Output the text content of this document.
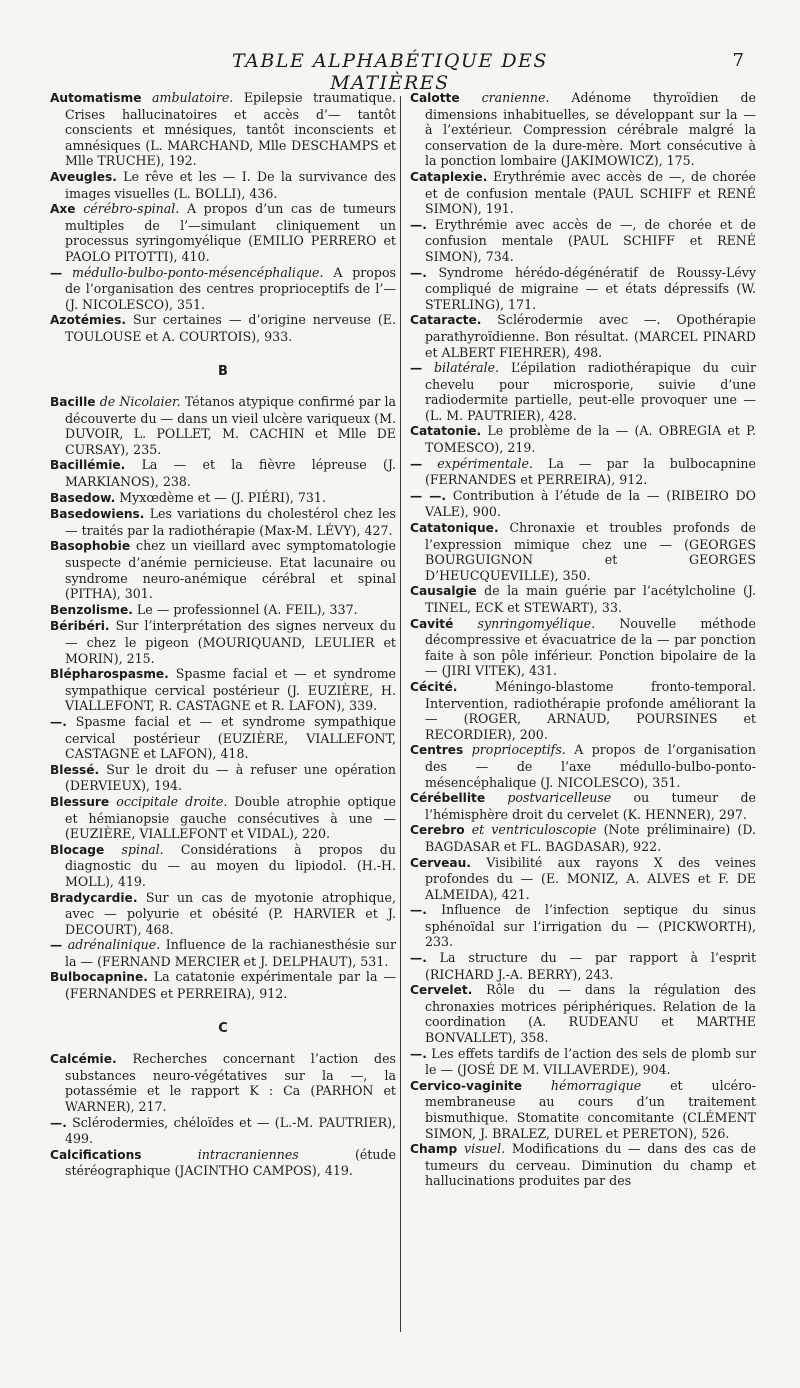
TABLE ALPHABÉTIQUE DES MATIÈRES
7
Automatisme ambulatoire. Epilepsie traumatique. Crises hallucinatoires et accès d’— tantôt conscients et mnésiques, tantôt inconscients et amnésiques (L. MARCHAND, Mlle DESCHAMPS et Mlle TRUCHE), 192.
Aveugles. Le rêve et les — I. De la survivance des images visuelles (L. BOLLI), 436.
Axe cérébro-spinal. A propos d’un cas de tumeurs multiples de l’—simulant cliniquement un processus syringomyélique (EMILIO PERRERO et PAOLO PITOTTI), 410.
— médullo-bulbo-ponto-mésencéphalique. A propos de l’organisation des centres proprioceptifs de l’— (J. NICOLESCO), 351.
Azotémies. Sur certaines — d’origine nerveuse (E. TOULOUSE et A. COURTOIS), 933.
B
Bacille de Nicolaier. Tétanos atypique confirmé par la découverte du — dans un vieil ulcère variqueux (M. DUVOIR, L. POLLET, M. CACHIN et Mlle DE CURSAY), 235.
Bacillémie. La — et la fièvre lépreuse (J. MARKIANOS), 238.
Basedow. Myxœdème et — (J. PIÉRI), 731.
Basedowiens. Les variations du cholestérol chez les — traités par la radiothérapie (Max-M. LÉVY), 427.
Basophobie chez un vieillard avec symptomatologie suspecte d’anémie pernicieuse. Etat lacunaire ou syndrome neuro-anémique cérébral et spinal (PITHA), 301.
Benzolisme. Le — professionnel (A. FEIL), 337.
Béribéri. Sur l’interprétation des signes nerveux du — chez le pigeon (MOURIQUAND, LEULIER et MORIN), 215.
Blépharospasme. Spasme facial et — et syndrome sympathique cervical postérieur (J. EUZIÈRE, H. VIALLEFONT, R. CASTAGNE et R. LAFON), 339.
—. Spasme facial et — et syndrome sympathique cervical postérieur (EUZIÈRE, VIALLEFONT, CASTAGNE et LAFON), 418.
Blessé. Sur le droit du — à refuser une opération (DERVIEUX), 194.
Blessure occipitale droite. Double atrophie optique et hémianopsie gauche consécutives à une — (EUZIÈRE, VIALLEFONT et VIDAL), 220.
Blocage spinal. Considérations à propos du diagnostic du — au moyen du lipiodol. (H.-H. MOLL), 419.
Bradycardie. Sur un cas de myotonie atrophique, avec — polyurie et obésité (P. HARVIER et J. DECOURT), 468.
— adrénalinique. Influence de la rachianesthésie sur la — (FERNAND MERCIER et J. DELPHAUT), 531.
Bulbocapnine. La catatonie expérimentale par la — (FERNANDES et PERREIRA), 912.
C
Calcémie. Recherches concernant l’action des substances neuro-végétatives sur la —, la potassémie et le rapport K : Ca (PARHON et WARNER), 217.
—. Sclérodermies, chéloïdes et — (L.-M. PAUTRIER), 499.
Calcifications	intracraniennes	(étude stéréographique (JACINTHO CAMPOS), 419.
Calotte cranienne. Adénome thyroïdien de dimensions inhabituelles, se développant sur la — à l’extérieur. Compression cérébrale malgré la conservation de la dure-mère. Mort consécutive à la ponction lombaire (JAKIMOWICZ), 175.
Cataplexie. Erythrémie avec accès de —, de chorée et de confusion mentale (PAUL SCHIFF et RENÉ SIMON), 191.
—. Erythrémie avec accès de —, de chorée et de confusion mentale (PAUL SCHIFF et RENÉ SIMON), 734.
—. Syndrome hérédo-dégénératif de Roussy-Lévy compliqué de migraine — et états dépressifs (W. STERLING), 171.
Cataracte. Sclérodermie avec —. Opothérapie parathyroïdienne. Bon résultat. (MARCEL PINARD et ALBERT FIEHRER), 498.
— bilatérale. L’épilation radiothérapique du cuir chevelu pour microsporie, suivie d’une radiodermite partielle, peut-elle provoquer une — (L. M. PAUTRIER), 428.
Catatonie. Le problème de la — (A. OBREGIA et P. TOMESCO), 219.
— expérimentale. La — par la bulbocapnine (FERNANDES et PERREIRA), 912.
— —. Contribution à l’étude de la — (RIBEIRO DO VALE), 900.
Catatonique. Chronaxie et troubles profonds de l’expression mimique chez une — (GEORGES BOURGUIGNON et GEORGES D’HEUCQUEVILLE), 350.
Causalgie de la main guérie par l’acétylcholine (J. TINEL, ECK et STEWART), 33.
Cavité synringomyélique. Nouvelle méthode décompressive et évacuatrice de la — par ponction faite à son pôle inférieur. Ponction bipolaire de la — (JIRI VITEK), 431.
Cécité.	Méningo-blastome fronto-temporal. Intervention, radiothérapie profonde améliorant la — (ROGER, ARNAUD, POURSINES et RECORDIER), 200.
Centres proprioceptifs. A propos de l’organisation des — de l’axe médullo-bulbo-ponto-mésencéphalique (J. NICOLESCO), 351.
Cérébellite postvaricelleuse ou tumeur de l’hémisphère droit du cervelet (K. HENNER), 297.
Cerebro et ventriculoscopie (Note préliminaire) (D. BAGDASAR et FL. BAGDASAR), 922.
Cerveau. Visibilité aux rayons X des veines profondes du — (E. MONIZ, A. ALVES et F. DE ALMEIDA), 421.
—. Influence de l’infection septique du sinus sphénoïdal sur l’irrigation du — (PICKWORTH), 233.
—. La structure du — par rapport à l’esprit (RICHARD J.-A. BERRY), 243.
Cervelet. Rôle du — dans la régulation des chronaxies motrices périphériques. Relation de la coordination (A. RUDEANU et MARTHE BONVALLET), 358.
—. Les effets tardifs de l’action des sels de plomb sur le — (JOSÉ DE M. VILLAVERDE), 904.
Cervico-vaginite hémorragique et ulcéro-membraneuse au cours d’un traitement bismuthique. Stomatite concomitante (CLÉMENT SIMON, J. BRALEZ, DUREL et PERETON), 526.
Champ visuel. Modifications du — dans des cas de tumeurs du cerveau. Diminution du champ et hallucinations produites par des
